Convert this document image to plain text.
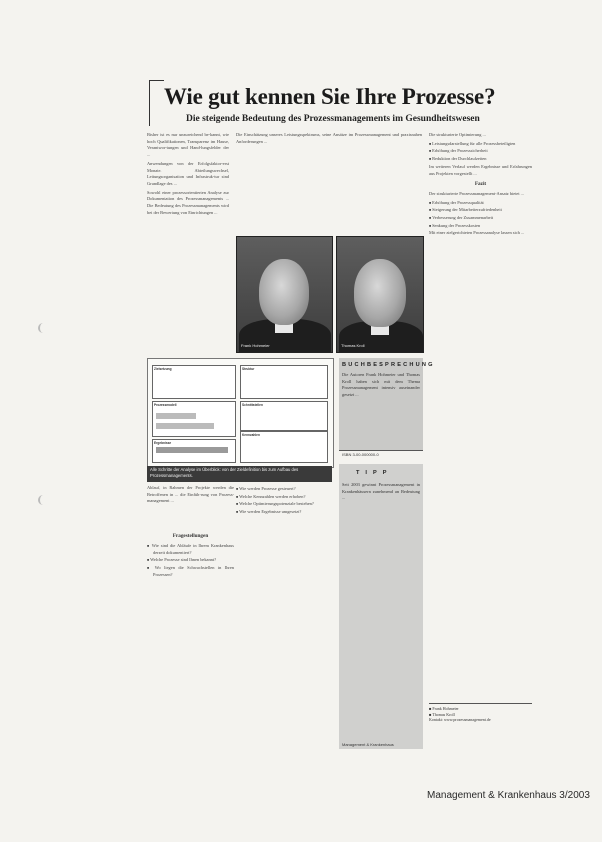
Wie gut kennen Sie Ihre Prozesse?
Die steigende Bedeutung des Prozessmanagements im Gesundheitswesen
Bisher ist es nur unzureichend be-kannt, wie hoch Qualifikationen, Transparenz im Hause, Verantwor-tungen und Hand-lungsfelder der ...
Anwendungen von der Erfolgsfaktor-erst Monate. Abteilungswechsel, Leitungsorganisation und Infrastruk-tur sind Grundlage des ...
Sowohl einer prozessorientierten Analyse zur Dokumentation des Prozessmanagements ... Die Bedeutung des Prozessmanagements wird bei der Bewertung von Einrichtungen ...
Die Einschätzung unseres Leistungsspektrums, seine Ansätze im Prozessmanagement und praxisnahen Anforderungen ...
Frank Hohmeier	Thomas Kroll
Zielsetzung	Struktur
Prozessmodell	Schnittstellen
Kennzahlen
Ergebnisse
Alle Schritte der Analyse im Überblick: von der Zieldefinition bis zum Aufbau des Prozessmanagements.
Ablauf, in Rahmen der Projekte werden die Betroffenen in ... die Einfüh-rung von Prozess-management ...
Fragestellungen
■ Wie sind die Abläufe in Ihrem Krankenhaus derzeit dokumentiert?
■ Welche Prozesse sind Ihnen bekannt?
■ Wo liegen die Schwachstellen in Ihren Prozessen?
■ Wie werden Prozesse gesteuert?
■ Welche Kennzahlen werden erhoben?
■ Welche Optimierungspotenziale bestehen?
■ Wie werden Ergebnisse umgesetzt?
BUCHBESPRECHUNG
Die Autoren Frank Hohmeier und Thomas Kroll haben sich mit dem Thema Prozessmanagement intensiv auseinander gesetzt ...
ISBN 3-00-000000-0
TIPP
Seit 2003 gewinnt Prozessmanagement in Krankenhäusern zunehmend an Bedeutung ...
Management & Krankenhaus
Die strukturierte Optimierung ...
■ Leistungsdarstellung für alle Prozessbeteiligten
■ Erhöhung der Prozesssicherheit
■ Reduktion der Durchlaufzeiten
Im weiteren Verlauf werden Ergebnisse und Erfahrungen aus Projekten vorgestellt ...
Fazit
Der strukturierte Prozessmanagement-Ansatz bietet ...
■ Erhöhung der Prozessqualität
■ Steigerung der Mitarbeiterzufriedenheit
■ Verbesserung der Zusammenarbeit
■ Senkung der Prozesskosten
Mit einer zielgerichteten Prozessanalyse lassen sich ...
■ Frank Hohmeier
■ Thomas Kroll
Kontakt: www.prozessmanagement.de
Management & Krankenhaus 3/2003
